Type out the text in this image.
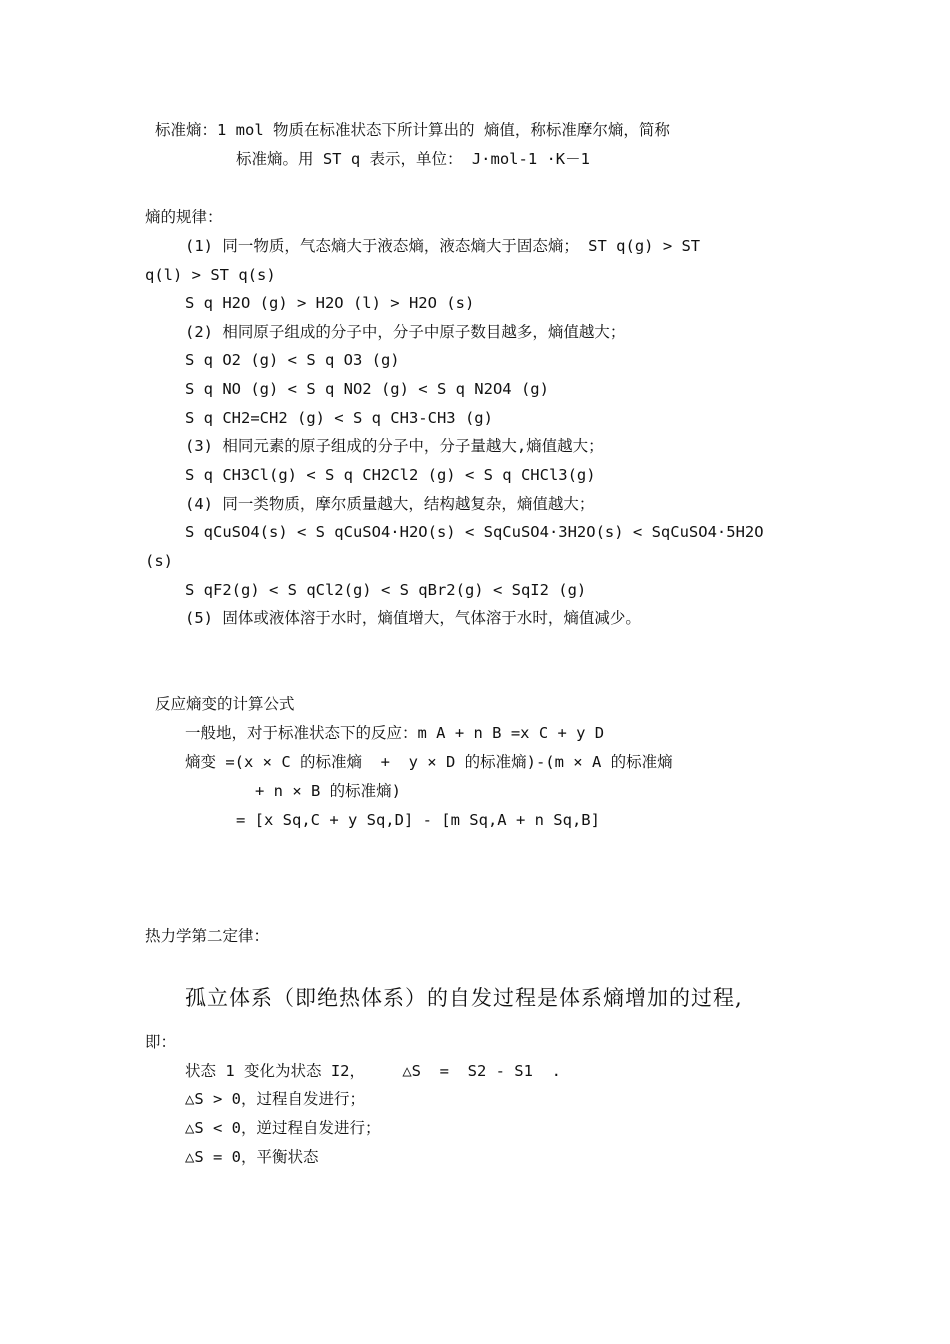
标准熵：1 mol 物质在标准状态下所计算出的 熵值，称标准摩尔熵，简称
标准熵。用 ST q 表示，单位： J·mol-1 ·K－1
熵的规律：
(1) 同一物质，气态熵大于液态熵，液态熵大于固态熵； ST q(g) > ST
q(l) > ST q(s)
S q H2O (g) > H2O (l) > H2O (s)
(2) 相同原子组成的分子中，分子中原子数目越多，熵值越大；
S q O2 (g) < S q O3 (g)
S q NO (g) < S q NO2 (g) < S q N2O4 (g)
S q CH2=CH2 (g) < S q CH3-CH3 (g)
(3) 相同元素的原子组成的分子中，分子量越大,熵值越大；
S q CH3Cl(g) < S q CH2Cl2 (g) < S q CHCl3(g)
(4) 同一类物质，摩尔质量越大，结构越复杂，熵值越大；
S qCuSO4(s) < S qCuSO4·H2O(s) < SqCuSO4·3H2O(s) < SqCuSO4·5H2O
(s)
S qF2(g) < S qCl2(g) < S qBr2(g) < SqI2 (g)
(5) 固体或液体溶于水时，熵值增大，气体溶于水时，熵值减少。
反应熵变的计算公式
一般地，对于标准状态下的反应：m A + n B =x C + y D
熵变 =(x × C 的标准熵  +  y × D 的标准熵)-(m × A 的标准熵
+ n × B 的标准熵)
= [x Sq,C + y Sq,D] - [m Sq,A + n Sq,B]
热力学第二定律：
孤立体系（即绝热体系）的自发过程是体系熵增加的过程,
即：
状态 1 变化为状态 I2，    △S  =  S2 - S1  .
△S > 0，过程自发进行；
△S < 0，逆过程自发进行；
△S = 0，平衡状态
